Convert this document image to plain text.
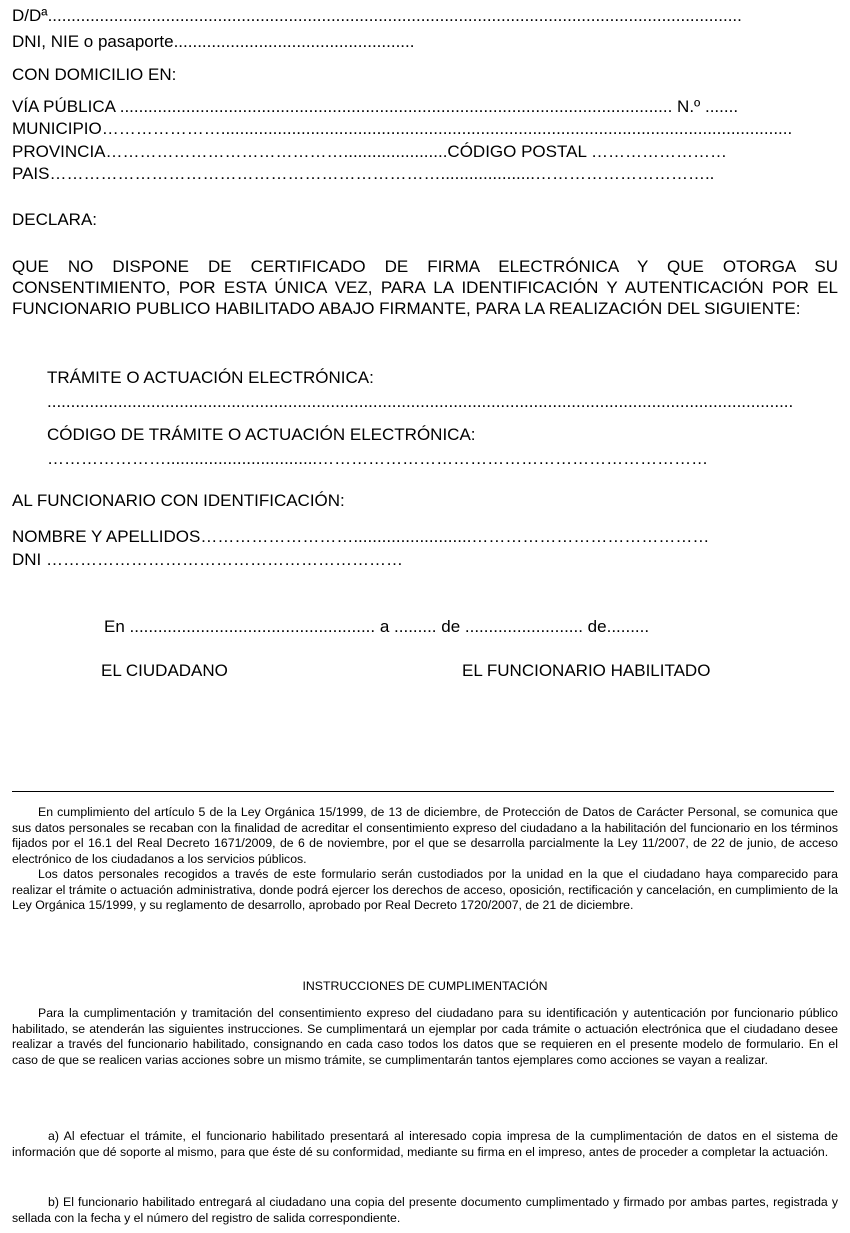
D/Dª...................................................................................................................................................
DNI, NIE o pasaporte...................................................
CON DOMICILIO EN:
VÍA PÚBLICA ..................................................................................................................... N.º .......
MUNICIPIO………………….........................................................................................................................
PROVINCIA……………………………………......................CÓDIGO POSTAL ……………………
PAIS……………………………………………………………....................…………………………..
DECLARA:
QUE NO DISPONE DE CERTIFICADO DE FIRMA ELECTRÓNICA Y QUE OTORGA SU CONSENTIMIENTO, POR ESTA ÚNICA VEZ, PARA LA IDENTIFICACIÓN Y AUTENTICACIÓN POR EL FUNCIONARIO PUBLICO HABILITADO ABAJO FIRMANTE, PARA LA REALIZACIÓN DEL SIGUIENTE:
TRÁMITE O ACTUACIÓN ELECTRÓNICA:
..............................................................................................................................................................
CÓDIGO DE TRÁMITE O ACTUACIÓN ELECTRÓNICA:
…………………................................……………………………………………………………
AL FUNCIONARIO CON IDENTIFICACIÓN:
NOMBRE Y APELLIDOS……………………….........................……………………………………
DNI ………………………………………………………
En .................................................... a ......... de ......................... de.........
EL CIUDADANO	EL FUNCIONARIO HABILITADO

En cumplimiento del artículo 5 de la Ley Orgánica 15/1999, de 13 de diciembre, de Protección de Datos de Carácter Personal, se comunica que sus datos personales se recaban con la finalidad de acreditar el consentimiento expreso del ciudadano a la habilitación del funcionario en los términos fijados por el 16.1 del Real Decreto 1671/2009, de 6 de noviembre, por el que se desarrolla parcialmente la Ley 11/2007, de 22 de junio, de acceso electrónico de los ciudadanos a los servicios públicos.

Los datos personales recogidos a través de este formulario serán custodiados por la unidad en la que el ciudadano haya comparecido para realizar el trámite o actuación administrativa, donde podrá ejercer los derechos de acceso, oposición, rectificación y cancelación, en cumplimiento de la Ley Orgánica 15/1999, y su reglamento de desarrollo, aprobado por Real Decreto 1720/2007, de 21 de diciembre.

INSTRUCCIONES DE CUMPLIMENTACIÓN

Para la cumplimentación y tramitación del consentimiento expreso del ciudadano para su identificación y autenticación por funcionario público habilitado, se atenderán las siguientes instrucciones. Se cumplimentará un ejemplar por cada trámite o actuación electrónica que el ciudadano desee realizar a través del funcionario habilitado, consignando en cada caso todos los datos que se requieren en el presente modelo de formulario. En el caso de que se realicen varias acciones sobre un mismo trámite, se cumplimentarán tantos ejemplares como acciones se vayan a realizar.

a) Al efectuar el trámite, el funcionario habilitado presentará al interesado copia impresa de la cumplimentación de datos en el sistema de información que dé soporte al mismo, para que éste dé su conformidad, mediante su firma en el impreso, antes de proceder a completar la actuación.

b) El funcionario habilitado entregará al ciudadano una copia del presente documento cumplimentado y firmado por ambas partes, registrada y sellada con la fecha y el número del registro de salida correspondiente.
